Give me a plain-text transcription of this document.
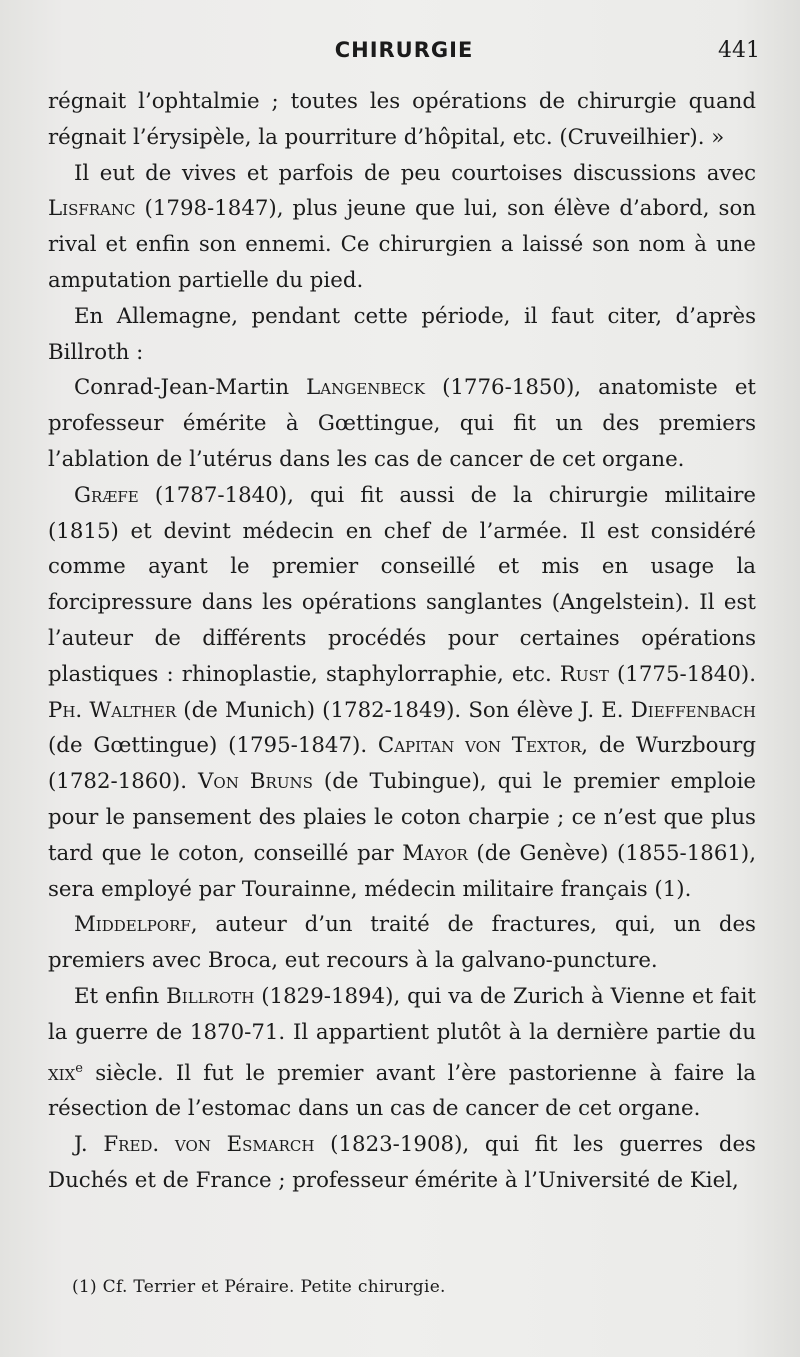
CHIRURGIE	441

régnait l’ophtalmie ; toutes les opérations de chirurgie quand régnait l’érysipèle, la pourriture d’hôpital, etc. (Cruveilhier). »

Il eut de vives et parfois de peu courtoises discussions avec Lisfranc (1798-1847), plus jeune que lui, son élève d’abord, son rival et enfin son ennemi. Ce chirurgien a laissé son nom à une amputation partielle du pied.

En Allemagne, pendant cette période, il faut citer, d’après Billroth :

Conrad-Jean-Martin Langenbeck (1776-1850), anatomiste et professeur émérite à Gœttingue, qui fit un des premiers l’ablation de l’utérus dans les cas de cancer de cet organe.

Græfe (1787-1840), qui fit aussi de la chirurgie militaire (1815) et devint médecin en chef de l’armée. Il est considéré comme ayant le premier conseillé et mis en usage la forcipressure dans les opérations sanglantes (Angelstein). Il est l’auteur de différents procédés pour certaines opérations plastiques : rhinoplastie, staphylorraphie, etc. Rust (1775-1840). Ph. Walther (de Munich) (1782-1849). Son élève J. E. Dieffenbach (de Gœttingue) (1795-1847). Capitan von Textor, de Wurzbourg (1782-1860). Von Bruns (de Tubingue), qui le premier emploie pour le pansement des plaies le coton charpie ; ce n’est que plus tard que le coton, conseillé par Mayor (de Genève) (1855-1861), sera employé par Tourainne, médecin militaire français (1).

Middelporf, auteur d’un traité de fractures, qui, un des premiers avec Broca, eut recours à la galvano-puncture.

Et enfin Billroth (1829-1894), qui va de Zurich à Vienne et fait la guerre de 1870-71. Il appartient plutôt à la dernière partie du xix$^e$ siècle. Il fut le premier avant l’ère pastorienne à faire la résection de l’estomac dans un cas de cancer de cet organe.

J. Fred. von Esmarch (1823-1908), qui fit les guerres des Duchés et de France ; professeur émérite à l’Université de Kiel,

(1) Cf. Terrier et Péraire. Petite chirurgie.
